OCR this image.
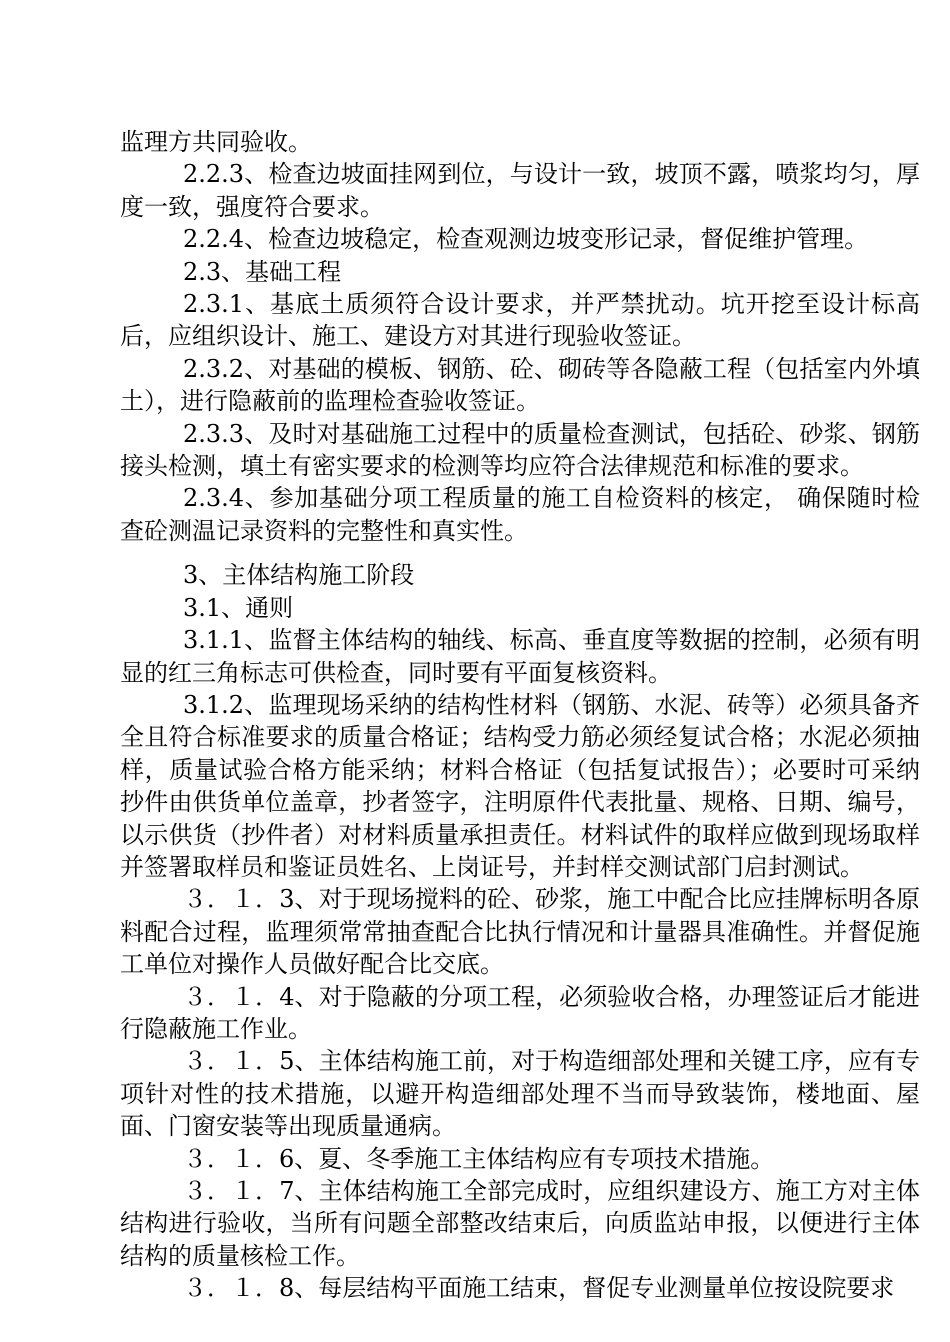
监理方共同验收。

2.2.3、检查边坡面挂网到位，与设计一致，坡顶不露，喷浆均匀，厚度一致，强度符合要求。

2.2.4、检查边坡稳定，检查观测边坡变形记录，督促维护管理。

2.3、基础工程

2.3.1、基底土质须符合设计要求，并严禁扰动。坑开挖至设计标高后，应组织设计、施工、建设方对其进行现验收签证。

2.3.2、对基础的模板、钢筋、砼、砌砖等各隐蔽工程（包括室内外填土），进行隐蔽前的监理检查验收签证。

2.3.3、及时对基础施工过程中的质量检查测试，包括砼、砂浆、钢筋接头检测，填土有密实要求的检测等均应符合法律规范和标准的要求。

2.3.4、参加基础分项工程质量的施工自检资料的核定， 确保随时检查砼测温记录资料的完整性和真实性。

3、主体结构施工阶段

3.1、通则

3.1.1、监督主体结构的轴线、标高、垂直度等数据的控制，必须有明显的红三角标志可供检查，同时要有平面复核资料。

3.1.2、监理现场采纳的结构性材料（钢筋、水泥、砖等）必须具备齐全且符合标准要求的质量合格证；结构受力筋必须经复试合格；水泥必须抽样，质量试验合格方能采纳；材料合格证（包括复试报告）；必要时可采纳抄件由供货单位盖章，抄者签字，注明原件代表批量、规格、日期、编号，以示供货（抄件者）对材料质量承担责任。材料试件的取样应做到现场取样并签署取样员和鉴证员姓名、上岗证号，并封样交测试部门启封测试。

３．１．3、对于现场搅料的砼、砂浆，施工中配合比应挂牌标明各原料配合过程，监理须常常抽查配合比执行情况和计量器具准确性。并督促施工单位对操作人员做好配合比交底。

３．１．4、对于隐蔽的分项工程，必须验收合格，办理签证后才能进行隐蔽施工作业。

３．１．5、主体结构施工前，对于构造细部处理和关键工序，应有专项针对性的技术措施，以避开构造细部处理不当而导致装饰，楼地面、屋面、门窗安装等出现质量通病。

３．１．6、夏、冬季施工主体结构应有专项技术措施。

３．１．7、主体结构施工全部完成时，应组织建设方、施工方对主体结构进行验收，当所有问题全部整改结束后，向质监站申报，以便进行主体结构的质量核检工作。

３．１．8、每层结构平面施工结束，督促专业测量单位按设院要求
